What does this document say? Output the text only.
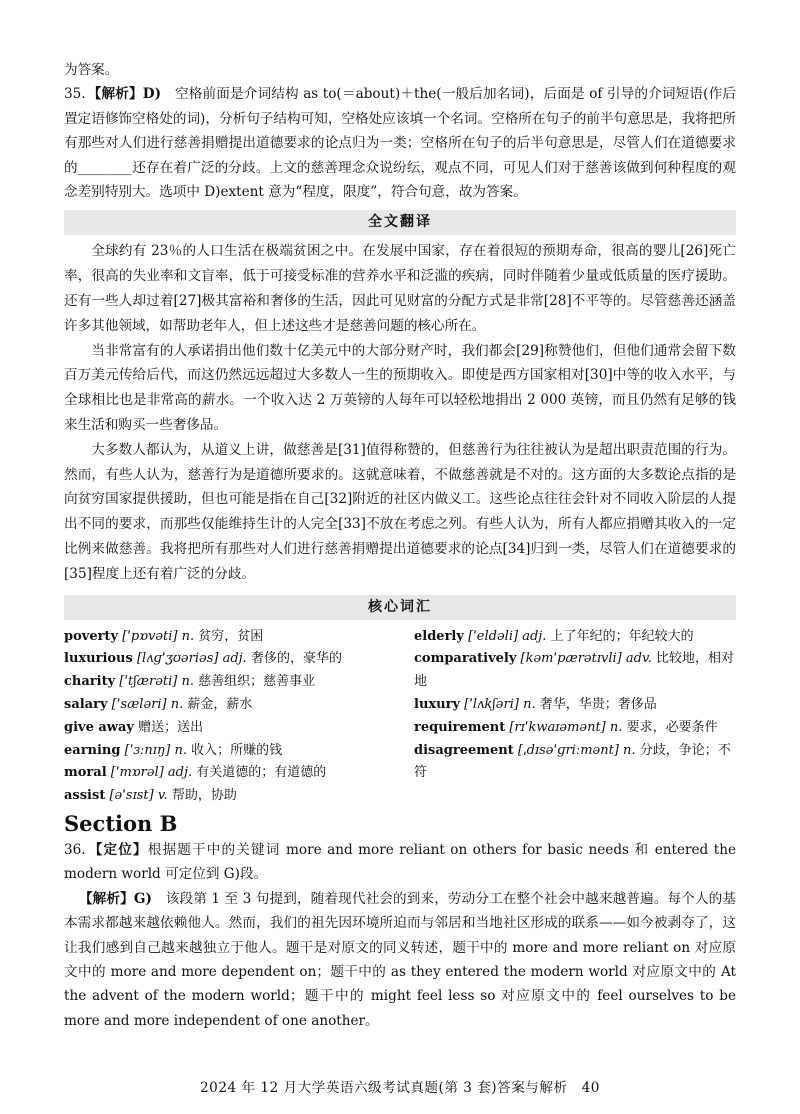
为答案。

35. 【解析】D)　 空格前面是介词结构 as to(＝about)＋the(一般后加名词)，后面是 of 引导的介词短语(作后置定语修饰空格处的词)，分析句子结构可知，空格处应该填一个名词。空格所在句子的前半句意思是，我将把所有那些对人们进行慈善捐赠提出道德要求的论点归为一类；空格所在句子的后半句意思是，尽管人们在道德要求的________还存在着广泛的分歧。上文的慈善理念众说纷纭，观点不同，可见人们对于慈善该做到何种程度的观念差别特别大。选项中 D)extent 意为“程度，限度”，符合句意，故为答案。

全文翻译

全球约有 23％的人口生活在极端贫困之中。在发展中国家，存在着很短的预期寿命，很高的婴儿[26]死亡率，很高的失业率和文盲率，低于可接受标准的营养水平和泛滥的疾病，同时伴随着少量或低质量的医疗援助。还有一些人却过着[27]极其富裕和奢侈的生活，因此可见财富的分配方式是非常[28]不平等的。尽管慈善还涵盖许多其他领域，如帮助老年人，但上述这些才是慈善问题的核心所在。

当非常富有的人承诺捐出他们数十亿美元中的大部分财产时，我们都会[29]称赞他们，但他们通常会留下数百万美元传给后代，而这仍然远远超过大多数人一生的预期收入。即使是西方国家相对[30]中等的收入水平，与全球相比也是非常高的薪水。一个收入达 2 万英镑的人每年可以轻松地捐出 2 000 英镑，而且仍然有足够的钱来生活和购买一些奢侈品。

大多数人都认为，从道义上讲，做慈善是[31]值得称赞的，但慈善行为往往被认为是超出职责范围的行为。然而，有些人认为，慈善行为是道德所要求的。这就意味着，不做慈善就是不对的。这方面的大多数论点指的是向贫穷国家提供援助，但也可能是指在自己[32]附近的社区内做义工。这些论点往往会针对不同收入阶层的人提出不同的要求，而那些仅能维持生计的人完全[33]不放在考虑之列。有些人认为，所有人都应捐赠其收入的一定比例来做慈善。我将把所有那些对人们进行慈善捐赠提出道德要求的论点[34]归到一类，尽管人们在道德要求的[35]程度上还有着广泛的分歧。

核心词汇
poverty [ˈpɒvəti] n. 贫穷，贫困
luxurious [lʌɡˈʒʊəriəs] adj. 奢侈的，豪华的
charity [ˈtʃærəti] n. 慈善组织；慈善事业
salary [ˈsæləri] n. 薪金，薪水
give away 赠送；送出
earning [ˈɜːnɪŋ] n. 收入；所赚的钱
moral [ˈmɒrəl] adj. 有关道德的；有道德的
assist [əˈsɪst] v. 帮助，协助
elderly [ˈeldəli] adj. 上了年纪的；年纪较大的
comparatively [kəmˈpærətɪvli] adv. 比较地，相对地
luxury [ˈlʌkʃəri] n. 奢华，华贵；奢侈品
requirement [rɪˈkwaɪəmənt] n. 要求，必要条件
disagreement [ˌdɪsəˈɡriːmənt] n. 分歧，争论；不符
Section B

36. 【定位】根据题干中的关键词 more and more reliant on others for basic needs 和 entered the modern world 可定位到 G)段。

【解析】G)　 该段第 1 至 3 句提到，随着现代社会的到来，劳动分工在整个社会中越来越普遍。每个人的基本需求都越来越依赖他人。然而，我们的祖先因环境所迫而与邻居和当地社区形成的联系——如今被剥夺了，这让我们感到自己越来越独立于他人。题干是对原文的同义转述，题干中的 more and more reliant on 对应原文中的 more and more dependent on；题干中的 as they entered the modern world 对应原文中的 At the advent of the modern world；题干中的 might feel less so 对应原文中的 feel ourselves to be more and more independent of one another。

2024 年 12 月大学英语六级考试真题(第 3 套)答案与解析　40
